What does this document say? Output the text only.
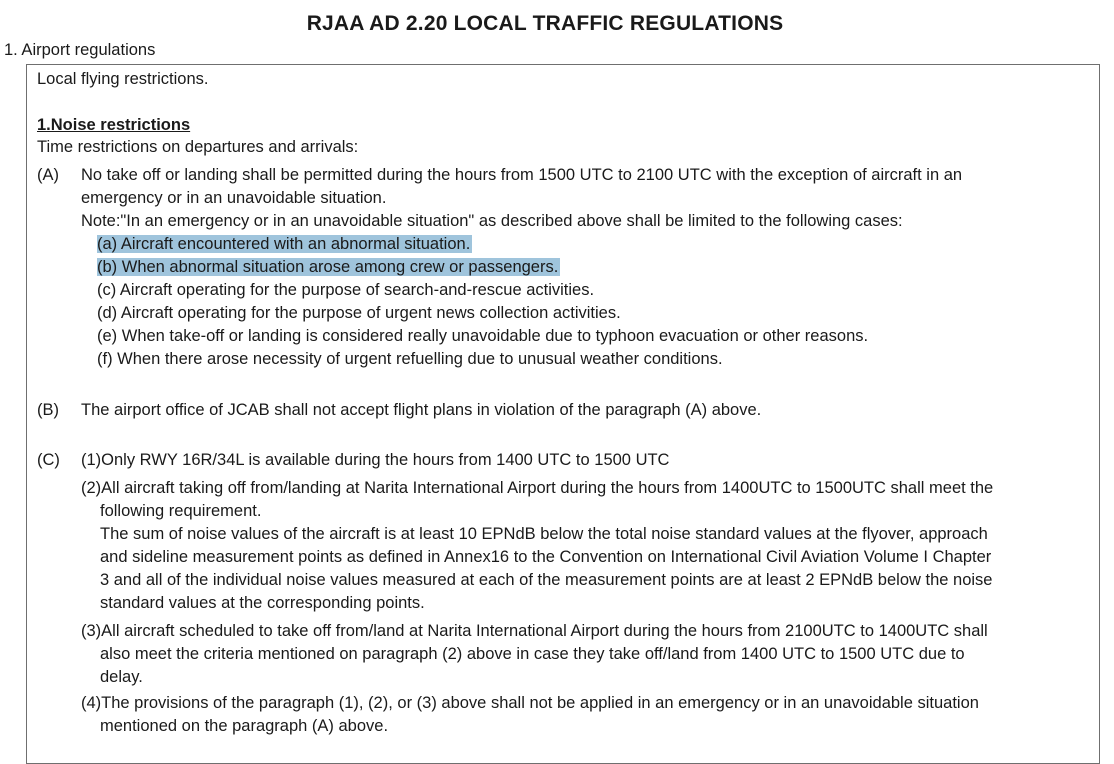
RJAA AD 2.20 LOCAL TRAFFIC REGULATIONS
1. Airport regulations
Local flying restrictions.
1.Noise restrictions
Time restrictions on departures and arrivals:
(A) No take off or landing shall be permitted during the hours from 1500 UTC to 2100 UTC with the exception of aircraft in an
emergency or in an unavoidable situation.
Note:"In an emergency or in an unavoidable situation" as described above shall be limited to the following cases:
(a) Aircraft encountered with an abnormal situation.
(b) When abnormal situation arose among crew or passengers.
(c) Aircraft operating for the purpose of search-and-rescue activities.
(d) Aircraft operating for the purpose of urgent news collection activities.
(e) When take-off or landing is considered really unavoidable due to typhoon evacuation or other reasons.
(f) When there arose necessity of urgent refuelling due to unusual weather conditions.
(B) The airport office of JCAB shall not accept flight plans in violation of the paragraph (A) above.
(C) (1)Only RWY 16R/34L is available during the hours from 1400 UTC to 1500 UTC
(2)All aircraft taking off from/landing at Narita International Airport during the hours from 1400UTC to 1500UTC shall meet the
following requirement.
The sum of noise values of the aircraft is at least 10 EPNdB below the total noise standard values at the flyover, approach
and sideline measurement points as defined in Annex16 to the Convention on International Civil Aviation Volume I Chapter
3 and all of the individual noise values measured at each of the measurement points are at least 2 EPNdB below the noise
standard values at the corresponding points.
(3)All aircraft scheduled to take off from/land at Narita International Airport during the hours from 2100UTC to 1400UTC shall
also meet the criteria mentioned on paragraph (2) above in case they take off/land from 1400 UTC to 1500 UTC due to
delay.
(4)The provisions of the paragraph (1), (2), or (3) above shall not be applied in an emergency or in an unavoidable situation
mentioned on the paragraph (A) above.
